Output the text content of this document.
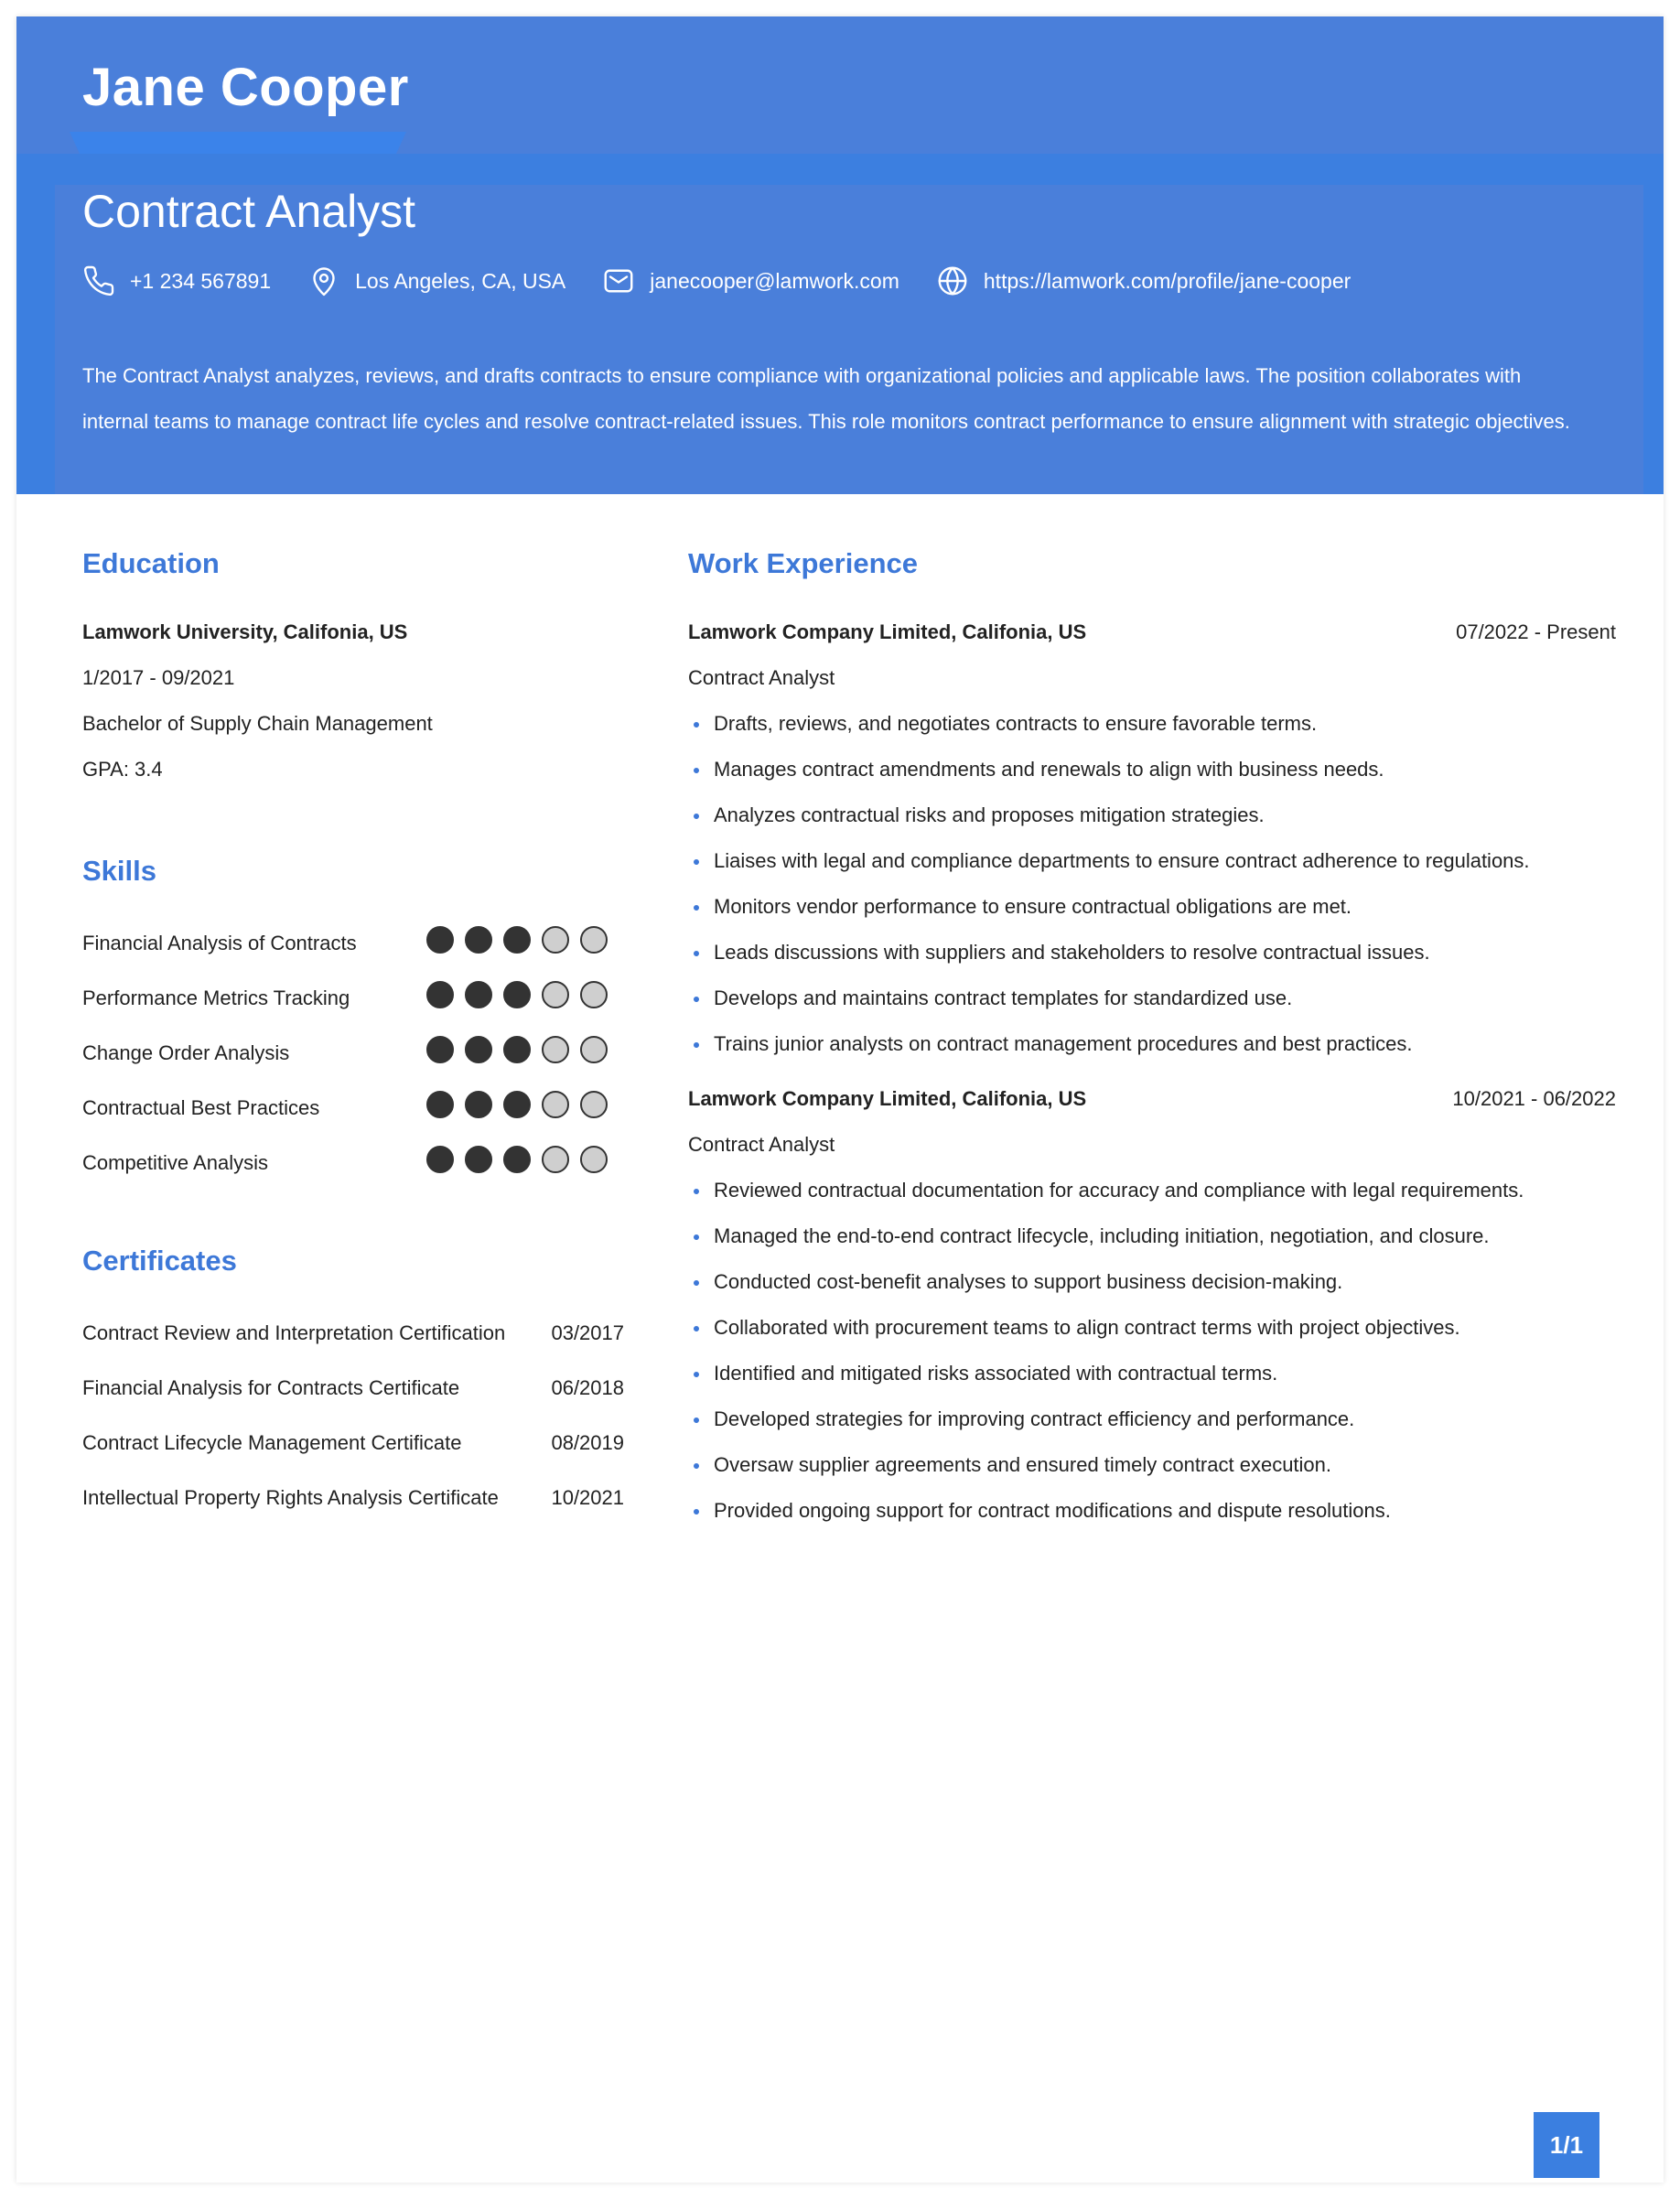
Jane Cooper
Contract Analyst
+1 234 567891	Los Angeles, CA, USA	janecooper@lamwork.com	https://lamwork.com/profile/jane-cooper
The Contract Analyst analyzes, reviews, and drafts contracts to ensure compliance with organizational policies and applicable laws. The position collaborates with internal teams to manage contract life cycles and resolve contract-related issues. This role monitors contract performance to ensure alignment with strategic objectives.
Education
Lamwork University, Califonia, US
1/2017 - 09/2021
Bachelor of Supply Chain Management
GPA: 3.4
Skills
Financial Analysis of Contracts
Performance Metrics Tracking
Change Order Analysis
Contractual Best Practices
Competitive Analysis
Certificates
Contract Review and Interpretation Certification 03/2017
Financial Analysis for Contracts Certificate	06/2018
Contract Lifecycle Management Certificate	08/2019
Intellectual Property Rights Analysis Certificate	10/2021
Work Experience
Lamwork Company Limited, Califonia, US	07/2022 - Present
Contract Analyst
Drafts, reviews, and negotiates contracts to ensure favorable terms.
Manages contract amendments and renewals to align with business needs.
Analyzes contractual risks and proposes mitigation strategies.
Liaises with legal and compliance departments to ensure contract adherence to regulations.
Monitors vendor performance to ensure contractual obligations are met.
Leads discussions with suppliers and stakeholders to resolve contractual issues.
Develops and maintains contract templates for standardized use.
Trains junior analysts on contract management procedures and best practices.
Lamwork Company Limited, Califonia, US	10/2021 - 06/2022
Contract Analyst
Reviewed contractual documentation for accuracy and compliance with legal requirements.
Managed the end-to-end contract lifecycle, including initiation, negotiation, and closure.
Conducted cost-benefit analyses to support business decision-making.
Collaborated with procurement teams to align contract terms with project objectives.
Identified and mitigated risks associated with contractual terms.
Developed strategies for improving contract efficiency and performance.
Oversaw supplier agreements and ensured timely contract execution.
Provided ongoing support for contract modifications and dispute resolutions.
1/1
